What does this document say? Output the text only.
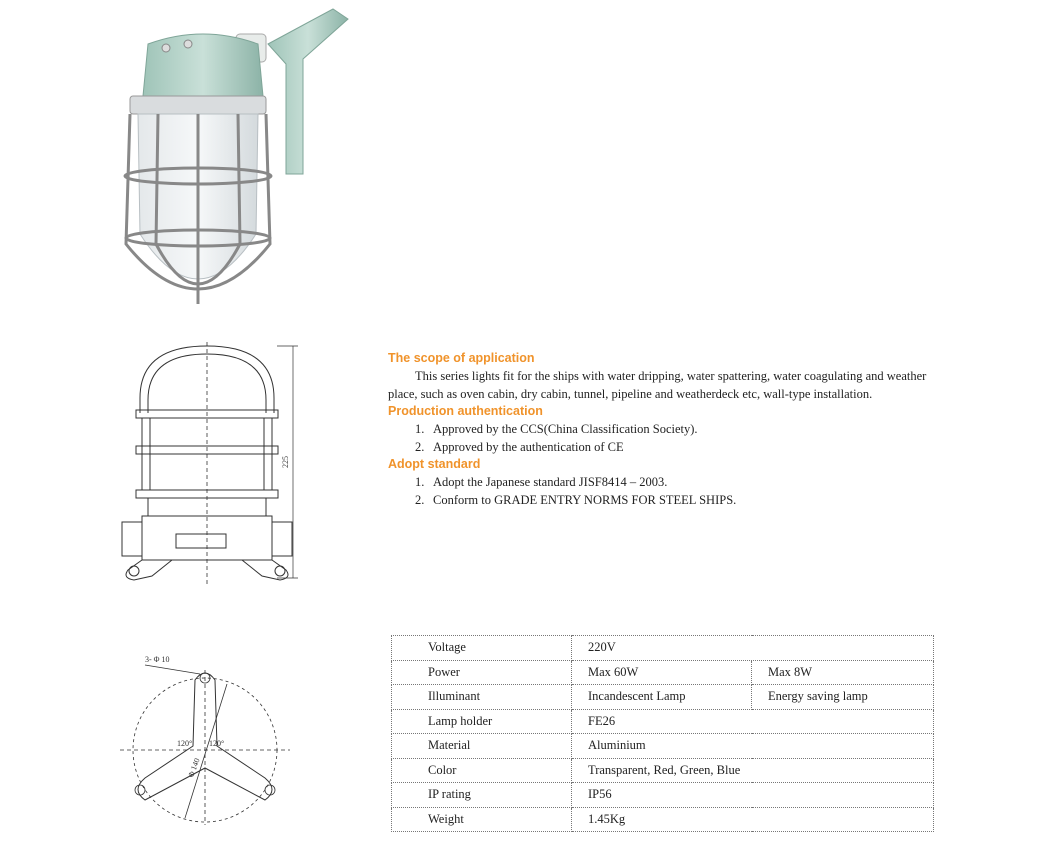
225
3- Φ 10
120° 120°
Φ 140
The scope of application

This series lights fit for the ships with water dripping, water spattering, water coagulating and weather place, such as oven cabin, dry cabin, tunnel, pipeline and weatherdeck etc, wall-type installation.

Production authentication
1. Approved by the CCS(China Classification Society).
2. Approved by the authentication of CE
Adopt standard
1. Adopt the Japanese standard JISF8414 – 2003.
2. Conform to GRADE ENTRY NORMS FOR STEEL SHIPS.
Voltage	220V	
Power	Max 60W	Max 8W
Illuminant	Incandescent Lamp	Energy saving lamp
Lamp holder	FE26	
Material	Aluminium	
Color	Transparent, Red, Green, Blue	
IP rating	IP56	
Weight	1.45Kg	
